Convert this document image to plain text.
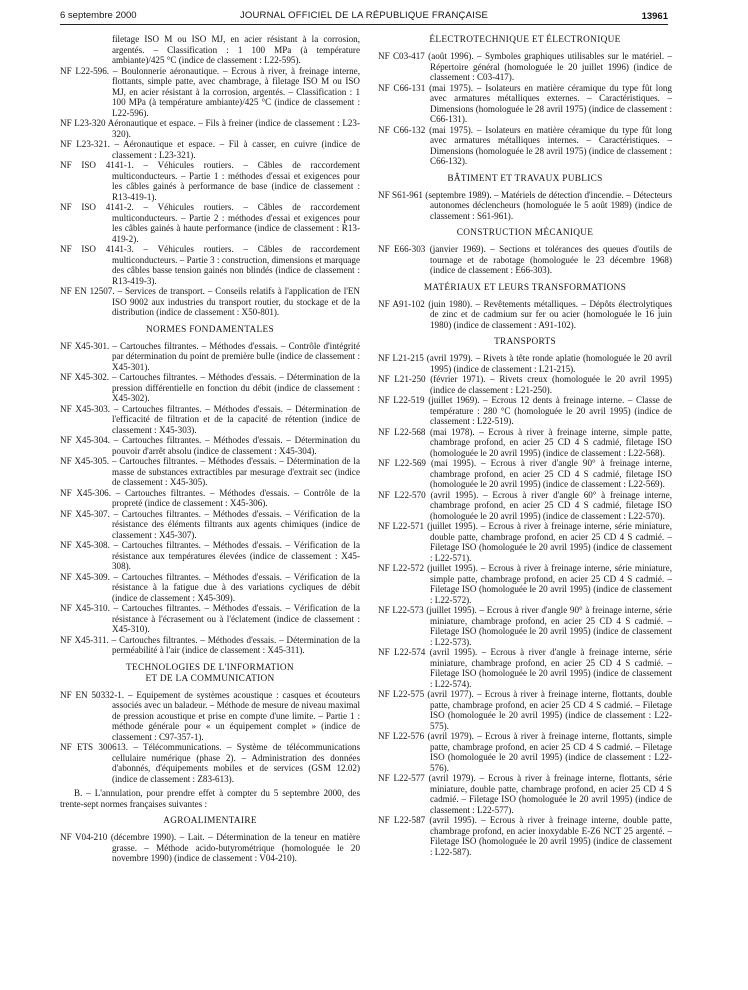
6 septembre 2000	JOURNAL OFFICIEL DE LA RÉPUBLIQUE FRANÇAISE	13961

filetage ISO M ou ISO MJ, en acier résistant à la corrosion, argentés. – Classification : 1 100 MPa (à température ambiante)/425 °C (indice de classement : L22-595).

NF L22-596. – Boulonnerie aéronautique. – Ecrous à river, à freinage interne, flottants, simple patte, avec chambrage, à filetage ISO M ou ISO MJ, en acier résistant à la corrosion, argentés. – Classification : 1 100 MPa (à température ambiante)/425 °C (indice de classement : L22-596).

NF L23-320 Aéronautique et espace. – Fils à freiner (indice de classement : L23-320).

NF L23-321. – Aéronautique et espace. – Fil à casser, en cuivre (indice de classement : L23-321).

NF ISO 4141-1. – Véhicules routiers. – Câbles de raccordement multiconducteurs. – Partie 1 : méthodes d'essai et exigences pour les câbles gainés à performance de base (indice de classement : R13-419-1).

NF ISO 4141-2. – Véhicules routiers. – Câbles de raccordement multiconducteurs. – Partie 2 : méthodes d'essai et exigences pour les câbles gainés à haute performance (indice de classement : R13-419-2).

NF ISO 4141-3. – Véhicules routiers. – Câbles de raccordement multiconducteurs. – Partie 3 : construction, dimensions et marquage des câbles basse tension gainés non blindés (indice de classement : R13-419-3).

NF EN 12507. – Services de transport. – Conseils relatifs à l'application de l'EN ISO 9002 aux industries du transport routier, du stockage et de la distribution (indice de classement : X50-801).

NORMES FONDAMENTALES

NF X45-301. – Cartouches filtrantes. – Méthodes d'essais. – Contrôle d'intégrité par détermination du point de première bulle (indice de classement : X45-301).

NF X45-302. – Cartouches filtrantes. – Méthodes d'essais. – Détermination de la pression différentielle en fonction du débit (indice de classement : X45-302).

NF X45-303. – Cartouches filtrantes. – Méthodes d'essais. – Détermination de l'efficacité de filtration et de la capacité de rétention (indice de classement : X45-303).

NF X45-304. – Cartouches filtrantes. – Méthodes d'essais. – Détermination du pouvoir d'arrêt absolu (indice de classement : X45-304).

NF X45-305. – Cartouches filtrantes. – Méthodes d'essais. – Détermination de la masse de substances extractibles par mesurage d'extrait sec (indice de classement : X45-305).

NF X45-306. – Cartouches filtrantes. – Méthodes d'essais. – Contrôle de la propreté (indice de classement : X45-306).

NF X45-307. – Cartouches filtrantes. – Méthodes d'essais. – Vérification de la résistance des éléments filtrants aux agents chimiques (indice de classement : X45-307).

NF X45-308. – Cartouches filtrantes. – Méthodes d'essais. – Vérification de la résistance aux températures élevées (indice de classement : X45-308).

NF X45-309. – Cartouches filtrantes. – Méthodes d'essais. – Vérification de la résistance à la fatigue due à des variations cycliques de débit (indice de classement : X45-309).

NF X45-310. – Cartouches filtrantes. – Méthodes d'essais. – Vérification de la résistance à l'écrasement ou à l'éclatement (indice de classement : X45-310).

NF X45-311. – Cartouches filtrantes. – Méthodes d'essais. – Détermination de la perméabilité à l'air (indice de classement : X45-311).

TECHNOLOGIES DE L'INFORMATION
ET DE LA COMMUNICATION

NF EN 50332-1. – Equipement de systèmes acoustique : casques et écouteurs associés avec un baladeur. – Méthode de mesure de niveau maximal de pression acoustique et prise en compte d'une limite. – Partie 1 : méthode générale pour « un équipement complet » (indice de classement : C97-357-1).

NF ETS 300613. – Télécommunications. – Système de télécommunications cellulaire numérique (phase 2). – Administration des données d'abonnés, d'équipements mobiles et de services (GSM 12.02) (indice de classement : Z83-613).

B. – L'annulation, pour prendre effet à compter du 5 septembre 2000, des trente-sept normes françaises suivantes :

AGROALIMENTAIRE

NF V04-210 (décembre 1990). – Lait. – Détermination de la teneur en matière grasse. – Méthode acido-butyrométrique (homologuée le 20 novembre 1990) (indice de classement : V04-210).

ÉLECTROTECHNIQUE ET ÉLECTRONIQUE

NF C03-417 (août 1996). – Symboles graphiques utilisables sur le matériel. – Répertoire général (homologuée le 20 juillet 1996) (indice de classement : C03-417).

NF C66-131 (mai 1975). – Isolateurs en matière céramique du type fût long avec armatures métalliques externes. – Caractéristiques. – Dimensions (homologuée le 28 avril 1975) (indice de classement : C66-131).

NF C66-132 (mai 1975). – Isolateurs en matière céramique du type fût long avec armatures métalliques internes. – Caractéristiques. – Dimensions (homologuée le 28 avril 1975) (indice de classement : C66-132).

BÂTIMENT ET TRAVAUX PUBLICS

NF S61-961 (septembre 1989). – Matériels de détection d'incendie. – Détecteurs autonomes déclencheurs (homologuée le 5 août 1989) (indice de classement : S61-961).

CONSTRUCTION MÉCANIQUE

NF E66-303 (janvier 1969). – Sections et tolérances des queues d'outils de tournage et de rabotage (homologuée le 23 décembre 1968) (indice de classement : E66-303).

MATÉRIAUX ET LEURS TRANSFORMATIONS

NF A91-102 (juin 1980). – Revêtements métalliques. – Dépôts électrolytiques de zinc et de cadmium sur fer ou acier (homologuée le 16 juin 1980) (indice de classement : A91-102).

TRANSPORTS

NF L21-215 (avril 1979). – Rivets à tête ronde aplatie (homologuée le 20 avril 1995) (indice de classement : L21-215).

NF L21-250 (février 1971). – Rivets creux (homologuée le 20 avril 1995) (indice de classement : L21-250).

NF L22-519 (juillet 1969). – Ecrous 12 dents à freinage interne. – Classe de température : 280 °C (homologuée le 20 avril 1995) (indice de classement : L22-519).

NF L22-568 (mai 1978). – Ecrous à river à freinage interne, simple patte, chambrage profond, en acier 25 CD 4 S cadmié, filetage ISO (homologuée le 20 avril 1995) (indice de classement : L22-568).

NF L22-569 (mai 1995). – Ecrous à river d'angle 90° à freinage interne, chambrage profond, en acier 25 CD 4 S cadmié, filetage ISO (homologuée le 20 avril 1995) (indice de classement : L22-569).

NF L22-570 (avril 1995). – Ecrous à river d'angle 60° à freinage interne, chambrage profond, en acier 25 CD 4 S cadmié, filetage ISO (homologuée le 20 avril 1995) (indice de classement : L22-570).

NF L22-571 (juillet 1995). – Ecrous à river à freinage interne, série miniature, double patte, chambrage profond, en acier 25 CD 4 S cadmié. – Filetage ISO (homologuée le 20 avril 1995) (indice de classement : L22-571).

NF L22-572 (juillet 1995). – Ecrous à river à freinage interne, série miniature, simple patte, chambrage profond, en acier 25 CD 4 S cadmié. – Filetage ISO (homologuée le 20 avril 1995) (indice de classement : L22-572).

NF L22-573 (juillet 1995). – Ecrous à river d'angle 90° à freinage interne, série miniature, chambrage profond, en acier 25 CD 4 S cadmié. – Filetage ISO (homologuée le 20 avril 1995) (indice de classement : L22-573).

NF L22-574 (avril 1995). – Ecrous à river d'angle à freinage interne, série miniature, chambrage profond, en acier 25 CD 4 S cadmié. – Filetage ISO (homologuée le 20 avril 1995) (indice de classement : L22-574).

NF L22-575 (avril 1977). – Ecrous à river à freinage interne, flottants, double patte, chambrage profond, en acier 25 CD 4 S cadmié. – Filetage ISO (homologuée le 20 avril 1995) (indice de classement : L22-575).

NF L22-576 (avril 1979). – Ecrous à river à freinage interne, flottants, simple patte, chambrage profond, en acier 25 CD 4 S cadmié. – Filetage ISO (homologuée le 20 avril 1995) (indice de classement : L22-576).

NF L22-577 (avril 1979). – Ecrous à river à freinage interne, flottants, série miniature, double patte, chambrage profond, en acier 25 CD 4 S cadmié. – Filetage ISO (homologuée le 20 avril 1995) (indice de classement : L22-577).

NF L22-587 (avril 1995). – Ecrous à river à freinage interne, double patte, chambrage profond, en acier inoxydable E-Z6 NCT 25 argenté. – Filetage ISO (homologuée le 20 avril 1995) (indice de classement : L22-587).
